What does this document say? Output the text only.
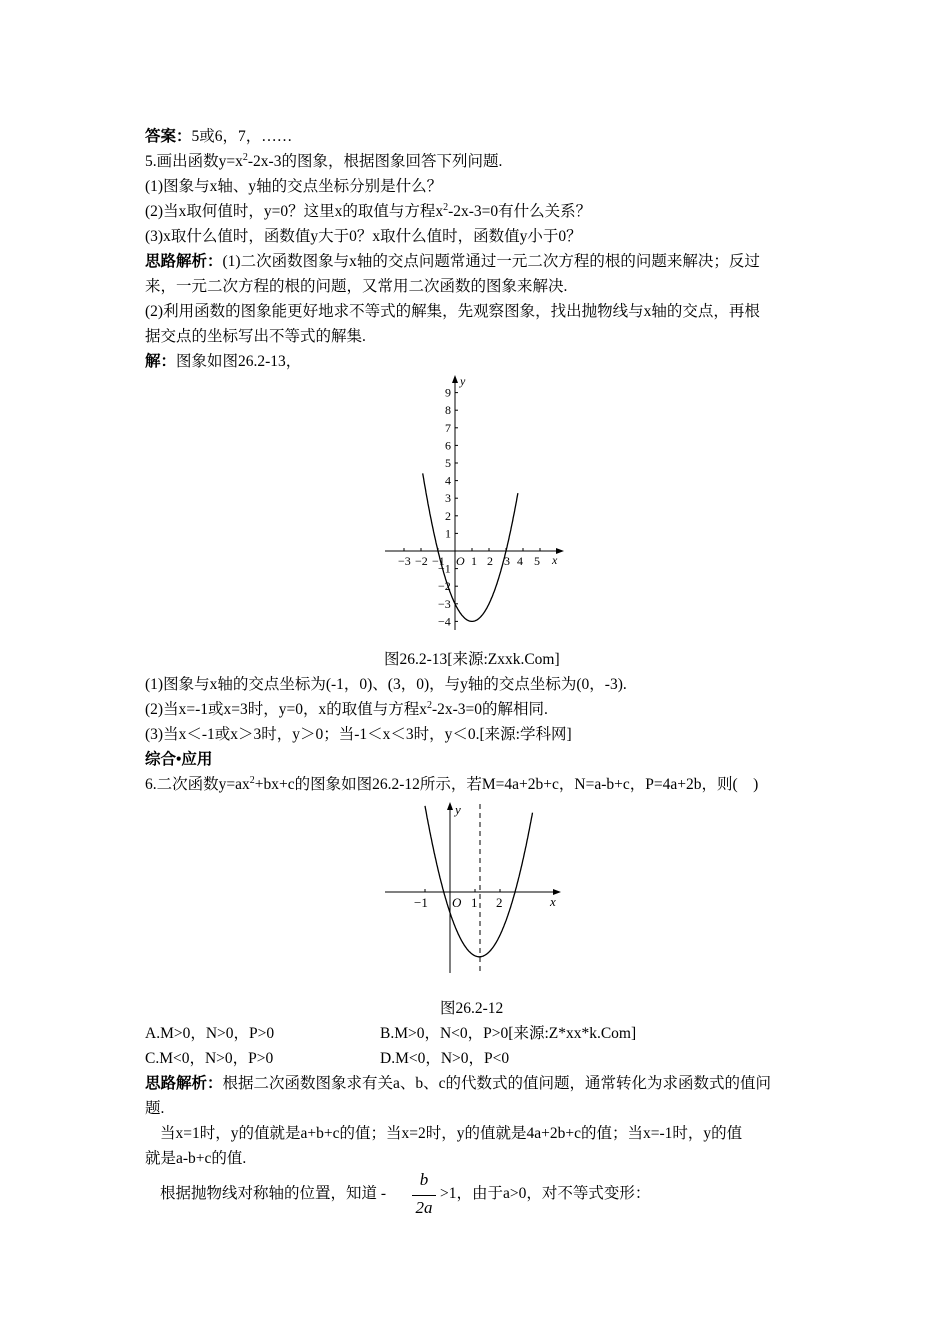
答案：5或6，7，……
5.画出函数$y=x^2-2x-3$的图象，根据图象回答下列问题.
(1)图象与x轴、y轴的交点坐标分别是什么？
(2)当x取何值时，y=0？这里x的取值与方程$x^2-2x-3=0$有什么关系？
(3)x取什么值时，函数值y大于0？x取什么值时，函数值y小于0？
思路解析：(1)二次函数图象与x轴的交点问题常通过一元二次方程的根的问题来解决；反过
来，一元二次方程的根的问题，又常用二次函数的图象来解决.
(2)利用函数的图象能更好地求不等式的解集，先观察图象，找出抛物线与x轴的交点，再根
据交点的坐标写出不等式的解集.
解：图象如图26.2-13，
−3 −2 −1 1 2 3 4 5
9
8
7
6
5
4
3
2
1
−1
−2
−3
−4
x
y
O
图26.2-13[来源:Zxxk.Com]
(1)图象与x轴的交点坐标为(-1，0)、(3，0)，与y轴的交点坐标为(0，-3).
(2)当x=-1或x=3时，y=0，x的取值与方程$x^2-2x-3=0$的解相同.
(3)当x＜-1或x＞3时，y＞0；当-1＜x＜3时，y＜0.[来源:学科网]
综合•应用
6.二次函数$y=ax^2+bx+c$的图象如图26.2-12所示，若M=4a+2b+c，N=a-b+c，P=4a+2b，则(　)
−1	1 2	x
y
O
图26.2-12
A.M>0，N>0，P>0	B.M>0，N<0，P>0[来源:Z*xx*k.Com]
C.M<0，N>0，P>0	D.M<0，N>0，P<0
思路解析：根据二次函数图象求有关a、b、c的代数式的值问题，通常转化为求函数式的值问
题.
当x=1时，y的值就是a+b+c的值；当x=2时，y的值就是4a+2b+c的值；当x=-1时，y的值
就是a-b+c的值.
根据抛物线对称轴的位置，知道 -
b
2a
>1，由于a>0，对不等式变形：
